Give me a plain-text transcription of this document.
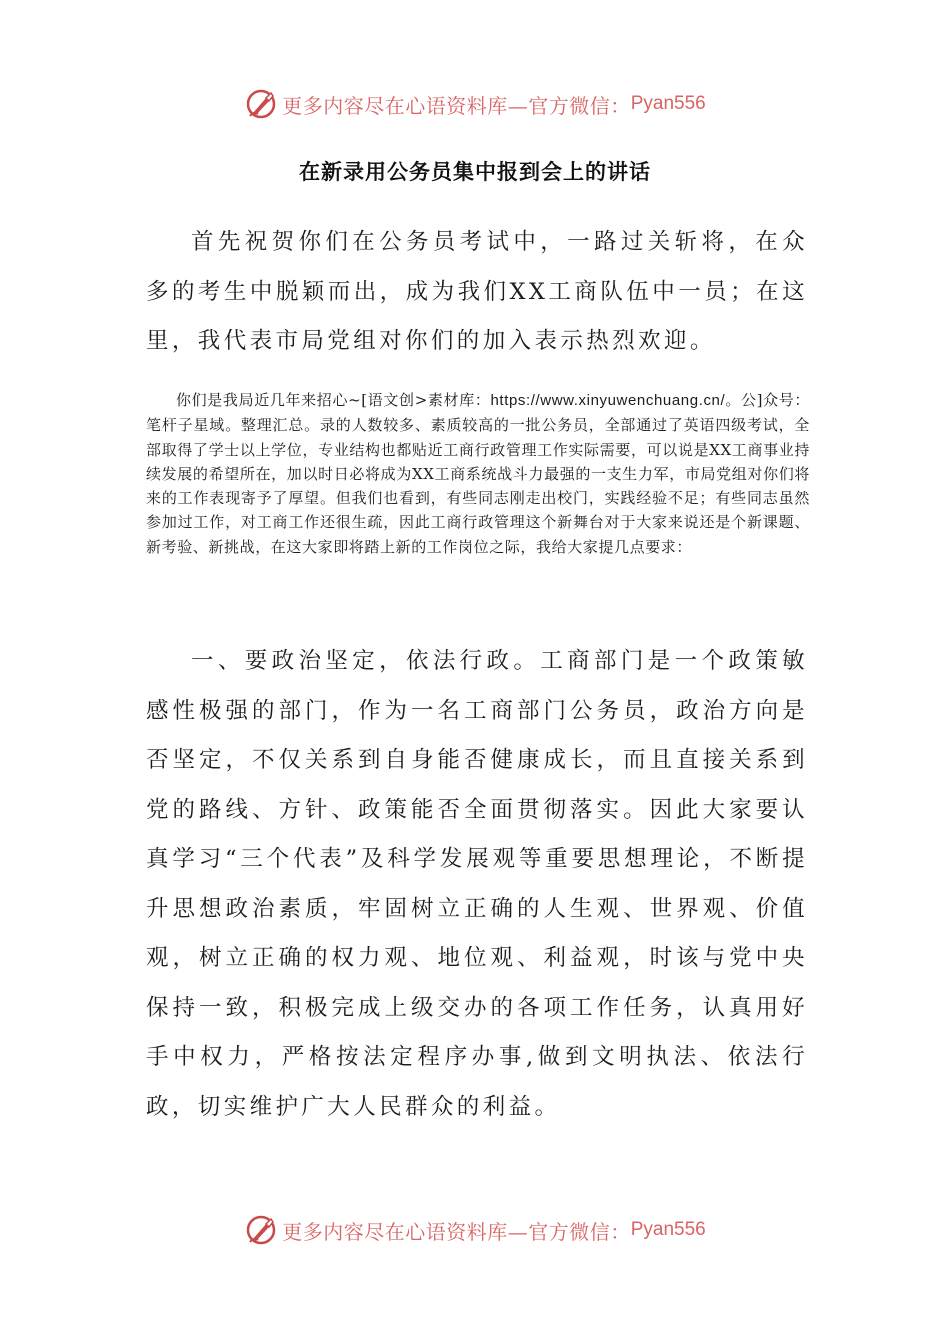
更多内容尽在心语资料库—官方微信： Pyan556
在新录用公务员集中报到会上的讲话

首先祝贺你们在公务员考试中，一路过关斩将，在众多的考生中脱颖而出，成为我们XX工商队伍中一员；在这里，我代表市局党组对你们的加入表示热烈欢迎。

你们是我局近几年来招心~[语文创>素材库：https://www.xinyuwenchuang.cn/。公]众号：笔杆子星域。整理汇总。录的人数较多、素质较高的一批公务员，全部通过了英语四级考试，全部取得了学士以上学位，专业结构也都贴近工商行政管理工作实际需要，可以说是XX工商事业持续发展的希望所在，加以时日必将成为XX工商系统战斗力最强的一支生力军，市局党组对你们将来的工作表现寄予了厚望。但我们也看到，有些同志刚走出校门，实践经验不足；有些同志虽然参加过工作，对工商工作还很生疏，因此工商行政管理这个新舞台对于大家来说还是个新课题、新考验、新挑战，在这大家即将踏上新的工作岗位之际，我给大家提几点要求：

一、要政治坚定，依法行政。工商部门是一个政策敏感性极强的部门，作为一名工商部门公务员，政治方向是否坚定，不仅关系到自身能否健康成长，而且直接关系到党的路线、方针、政策能否全面贯彻落实。因此大家要认真学习“三个代表”及科学发展观等重要思想理论，不断提升思想政治素质，牢固树立正确的人生观、世界观、价值观，树立正确的权力观、地位观、利益观，时该与党中央保持一致，积极完成上级交办的各项工作任务，认真用好手中权力，严格按法定程序办事,做到文明执法、依法行政，切实维护广大人民群众的利益。

更多内容尽在心语资料库—官方微信： Pyan556
